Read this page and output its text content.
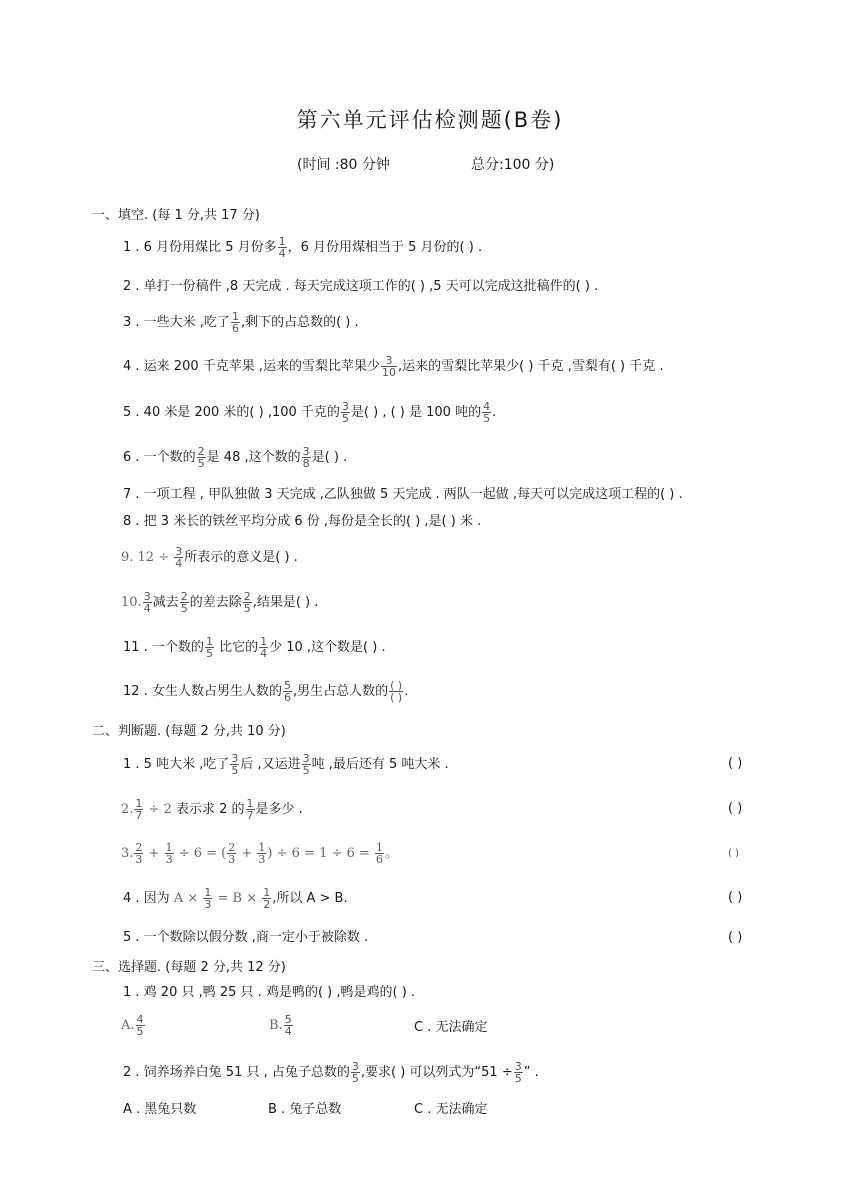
第六单元评估检测题(B卷)
(时间 :80 分钟	总分:100 分)
一、填空. (每 1 分,共 17 分)
1 . 6 月份用煤比 5 月份多 $\frac{1}{4}$ ，6 月份用煤相当于 5 月份的( ) .
2 . 单打一份稿件 ,8 天完成 . 每天完成这项工作的( ) ,5 天可以完成这批稿件的( ) .
3 . 一些大米 ,吃了 $\frac{1}{6}$ ,剩下的占总数的( ) .
4 . 运来 200 千克苹果 ,运来的雪梨比苹果少 $\frac{3}{10}$ ,运来的雪梨比苹果少( ) 千克 ,雪梨有( ) 千克 .
5 . 40 米是 200 米的( ) ,100 千克的 $\frac{3}{5}$ 是( ) , ( ) 是 100 吨的 $\frac{4}{5}$ .
6 . 一个数的 $\frac{2}{5}$ 是 48 ,这个数的 $\frac{3}{8}$ 是( ) .
7 . 一项工程 , 甲队独做 3 天完成 ,乙队独做 5 天完成 . 两队一起做 ,每天可以完成这项工程的( ) .
8 . 把 3 米长的铁丝平均分成 6 份 ,每份是全长的( ) ,是( ) 米 .
9. $12 \div \frac{3}{4}$ 所表示的意义是( ) .
10. $\frac{3}{4}$ 减去 $\frac{2}{5}$ 的差去除 $\frac{2}{5}$ ,结果是( ) .
11 . 一个数的 $\frac{1}{5}$ 比它的 $\frac{1}{4}$ 少 10 ,这个数是( ) .
12 . 女生人数占男生人数的 $\frac{5}{6}$ ,男生占总人数的 $\frac{( )}{( )}$ .
二、判断题. (每题 2 分,共 10 分)
1 . 5 吨大米 ,吃了 $\frac{3}{5}$ 后 ,又运进 $\frac{3}{5}$ 吨 ,最后还有 5 吨大米 .	( )
2. $\frac{1}{7} \div 2$ 表示求 2 的 $\frac{1}{7}$ 是多少 .	( )
3. $\frac{2}{3} + \frac{1}{3} \div 6$ = ( $\frac{2}{3} + \frac{1}{3}$ ) ÷ $6 = 1 \div 6 = \frac{1}{6}$ 。	( )
4 . 因为 $A \times \frac{1}{3} = B \times \frac{1}{2}$ ,所以 A > B.	( )
5 . 一个数除以假分数 ,商一定小于被除数 .	( )
三、选择题. (每题 2 分,共 12 分)
1 . 鸡 20 只 ,鸭 25 只 . 鸡是鸭的( ) ,鸭是鸡的( ) .
A. $\frac{4}{5}$	B. $\frac{5}{4}$	C . 无法确定
2 . 饲养场养白兔 51 只 , 占兔子总数的 $\frac{3}{5}$ ,要求( ) 可以列式为“$51 \div \frac{3}{5}$ ” .
A . 黑兔只数	B . 兔子总数	C . 无法确定
